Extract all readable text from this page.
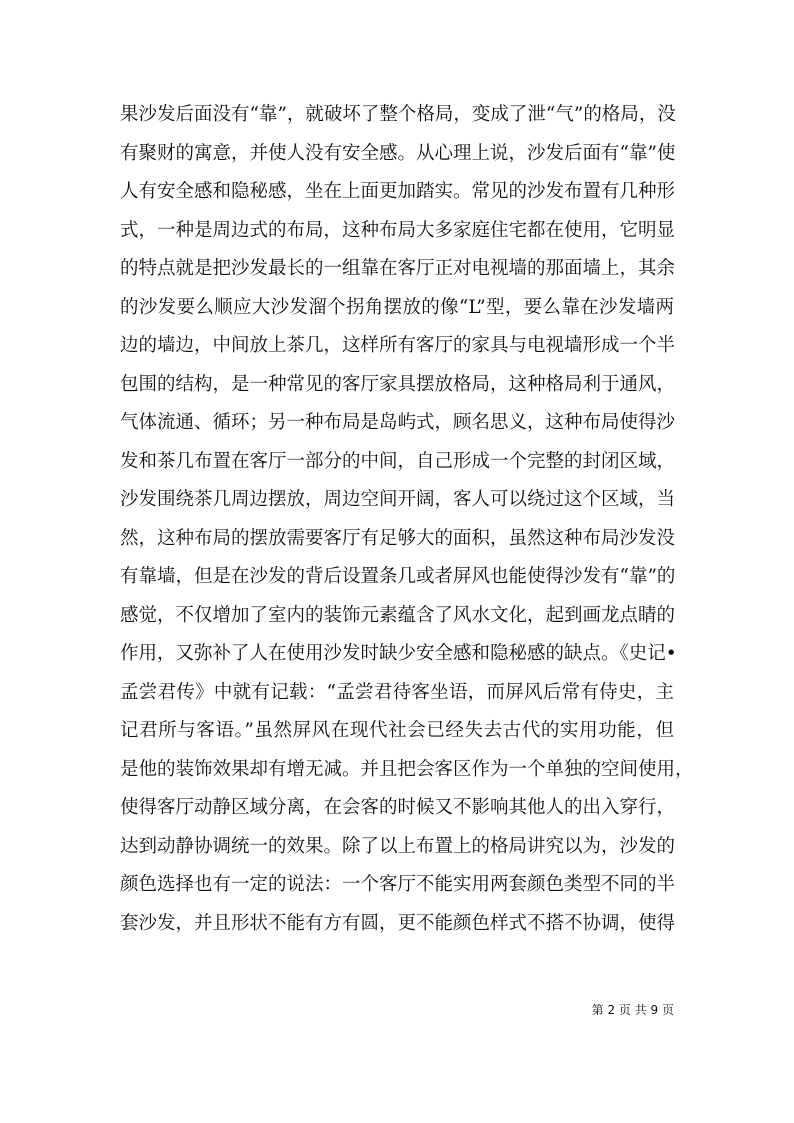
果沙发后面没有“靠”，就破坏了整个格局，变成了泄“气”的格局，没
有聚财的寓意，并使人没有安全感。从心理上说，沙发后面有“靠”使
人有安全感和隐秘感，坐在上面更加踏实。常见的沙发布置有几种形
式，一种是周边式的布局，这种布局大多家庭住宅都在使用，它明显
的特点就是把沙发最长的一组靠在客厅正对电视墙的那面墙上，其余
的沙发要么顺应大沙发溜个拐角摆放的像“L”型，要么靠在沙发墙两
边的墙边，中间放上茶几，这样所有客厅的家具与电视墙形成一个半
包围的结构，是一种常见的客厅家具摆放格局，这种格局利于通风，
气体流通、循环；另一种布局是岛屿式，顾名思义，这种布局使得沙
发和茶几布置在客厅一部分的中间，自己形成一个完整的封闭区域，
沙发围绕茶几周边摆放，周边空间开阔，客人可以绕过这个区域，当
然，这种布局的摆放需要客厅有足够大的面积，虽然这种布局沙发没
有靠墙，但是在沙发的背后设置条几或者屏风也能使得沙发有“靠”的
感觉，不仅增加了室内的装饰元素蕴含了风水文化，起到画龙点睛的
作用，又弥补了人在使用沙发时缺少安全感和隐秘感的缺点。《史记•
孟尝君传》中就有记载：“孟尝君待客坐语，而屏风后常有侍史，主
记君所与客语。”虽然屏风在现代社会已经失去古代的实用功能，但
是他的装饰效果却有增无减。并且把会客区作为一个单独的空间使用，
使得客厅动静区域分离，在会客的时候又不影响其他人的出入穿行，
达到动静协调统一的效果。除了以上布置上的格局讲究以为，沙发的
颜色选择也有一定的说法：一个客厅不能实用两套颜色类型不同的半
套沙发，并且形状不能有方有圆，更不能颜色样式不搭不协调，使得
第 2 页 共 9 页
